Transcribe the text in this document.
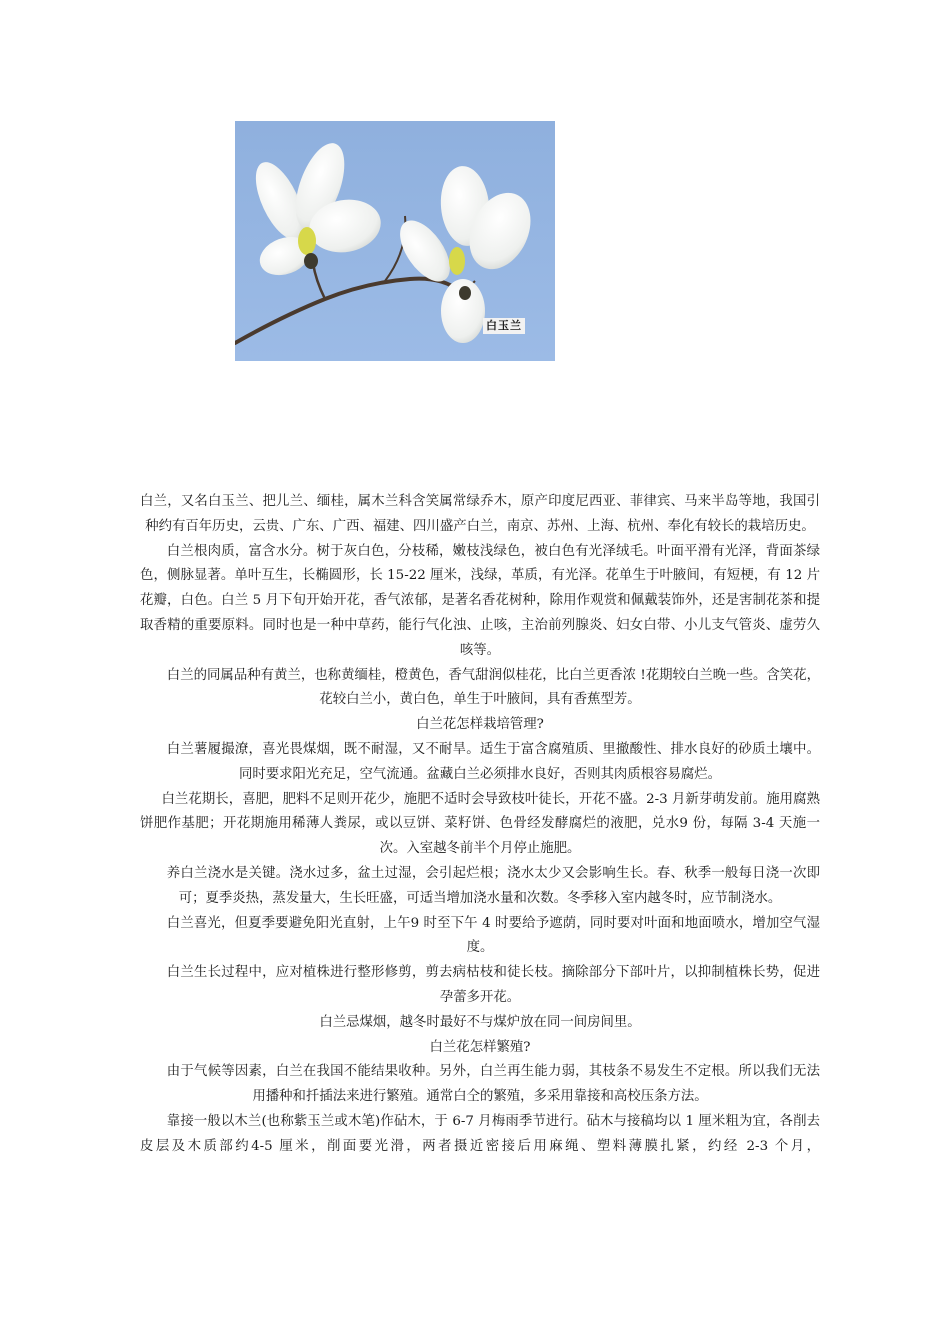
白玉兰

白兰，又名白玉兰、把儿兰、缅桂，属木兰科含笑属常绿乔木，原产印度尼西亚、菲律宾、马来半岛等地，我国引种约有百年历史，云贵、广东、广西、福建、四川盛产白兰，南京、苏州、上海、杭州、奉化有较长的栽培历史。

白兰根肉质，富含水分。树于灰白色，分枝稀，嫩枝浅绿色，被白色有光泽绒毛。叶面平滑有光泽，背面茶绿色，侧脉显著。单叶互生，长椭圆形，长 15-22 厘米，浅绿，革质，有光泽。花单生于叶腋间，有短梗，有 12 片花瓣，白色。白兰 5 月下旬开始开花，香气浓郁，是著名香花树种，除用作观赏和佩戴装饰外，还是害制花茶和提取香精的重要原料。同时也是一种中草药，能行气化浊、止咳，主治前列腺炎、妇女白带、小儿支气管炎、虚劳久咳等。

白兰的同属品种有黄兰，也称黄缅桂，橙黄色，香气甜润似桂花，比白兰更香浓 !花期较白兰晚一些。含笑花，花较白兰小，黄白色，单生于叶腋间，具有香蕉型芳。

白兰花怎样栽培管理?

白兰薯履撮潦，喜光畏煤烟，既不耐湿，又不耐旱。适生于富含腐殖质、里撤酸性、排水良好的砂质土壤中。同时要求阳光充足，空气流通。盆藏白兰必须排水良好，否则其肉质根容易腐烂。

白兰花期长，喜肥，肥料不足则开花少，施肥不适时会导致枝叶徒长，开花不盛。2-3 月新芽萌发前。施用腐熟饼肥作基肥；开花期施用稀薄人粪尿，或以豆饼、菜籽饼、色骨经发酵腐烂的液肥，兑水9 份，每隔 3-4 天施一次。入室越冬前半个月停止施肥。

养白兰浇水是关键。浇水过多，盆土过湿，会引起烂根；浇水太少又会影响生长。春、秋季一般每日浇一次即可；夏季炎热，蒸发量大，生长旺盛，可适当增加浇水量和次数。冬季移入室内越冬时，应节制浇水。

白兰喜光，但夏季要避免阳光直射，上午9 时至下午 4 时要给予遮荫，同时要对叶面和地面喷水，增加空气湿度。

白兰生长过程中，应对植株进行整形修剪，剪去病枯枝和徒长枝。摘除部分下部叶片，以抑制植株长势，促进孕蕾多开花。

白兰忌煤烟，越冬时最好不与煤炉放在同一间房间里。

白兰花怎样繁殖?

由于气候等因素，白兰在我国不能结果收种。另外，白兰再生能力弱，其枝条不易发生不定根。所以我们无法用播种和扦插法来进行繁殖。通常白仝的繁殖，多采用靠接和高校压条方法。

靠接一般以木兰(也称紫玉兰或木笔)作砧木，于 6-7 月梅雨季节进行。砧木与接稿均以 1 厘米粗为宜，各削去皮层及木质部约4-5 厘米，削面要光滑，两者摄近密接后用麻绳、塑料薄膜扎紧，约经 2-3 个月，
